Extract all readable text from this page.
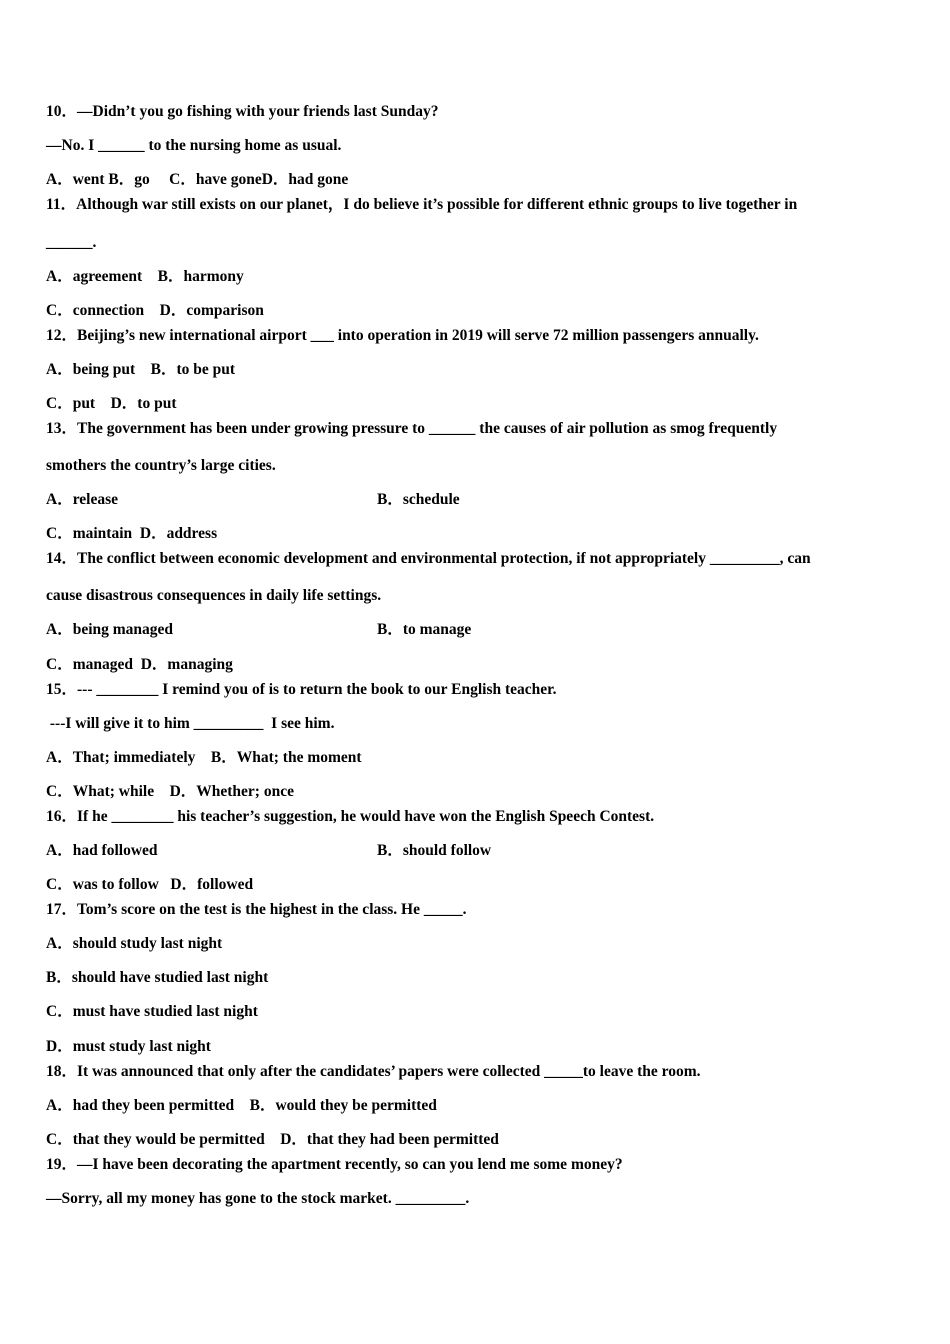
10．—Didn’t you go fishing with your friends last Sunday?
—No. I ______ to the nursing home as usual.
A．went B．go     C．have goneD．had gone
11．Although war still exists on our planet，I do believe it’s possible for different ethnic groups to live together in
______.
A．agreement    B．harmony
C．connection    D．comparison
12．Beijing’s new international airport ___ into operation in 2019 will serve 72 million passengers annually.
A．being put    B．to be put
C．put    D．to put
13．The government has been under growing pressure to ______ the causes of air pollution as smog frequently
smothers the country’s large cities.
A．release	B．schedule
C．maintain  D．address
14．The conflict between economic development and environmental protection, if not appropriately _________, can
cause disastrous consequences in daily life settings.
A．being managed	B．to manage
C．managed  D．managing
15．--- ________ I remind you of is to return the book to our English teacher.
---I will give it to him _________  I see him.
A．That; immediately    B．What; the moment
C．What; while    D．Whether; once
16．If he ________ his teacher’s suggestion, he would have won the English Speech Contest.
A．had followed	B．should follow
C．was to follow   D．followed
17．Tom’s score on the test is the highest in the class. He _____.
A．should study last night
B．should have studied last night
C．must have studied last night
D．must study last night
18．It was announced that only after the candidates’ papers were collected _____to leave the room.
A．had they been permitted    B．would they be permitted
C．that they would be permitted    D．that they had been permitted
19．—I have been decorating the apartment recently, so can you lend me some money?
—Sorry, all my money has gone to the stock market. _________.
